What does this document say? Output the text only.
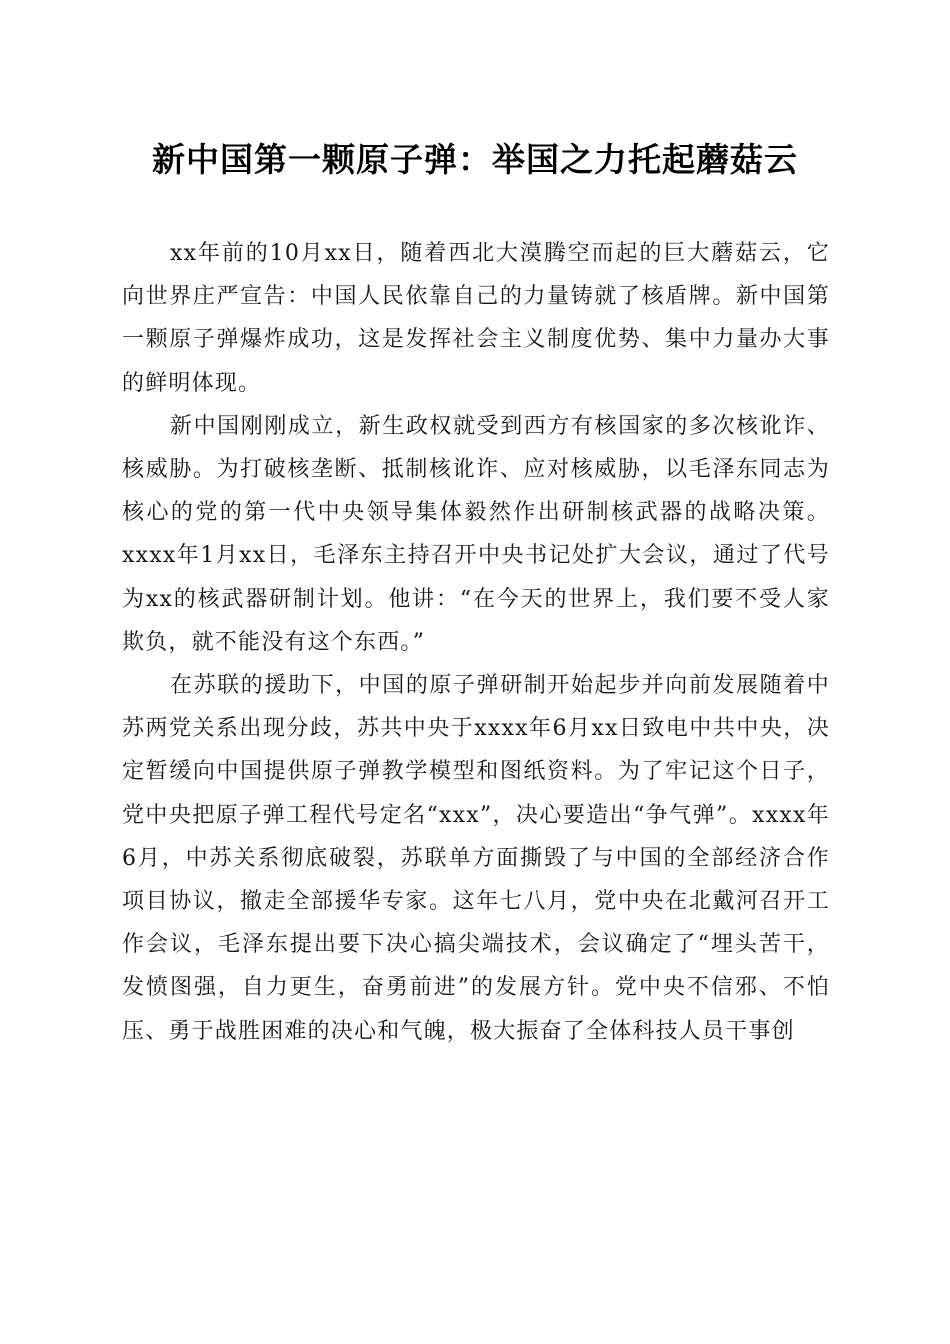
新中国第一颗原子弹：举国之力托起蘑菇云

xx年前的10月xx日，随着西北大漠腾空而起的巨大蘑菇云，它向世界庄严宣告：中国人民依靠自己的力量铸就了核盾牌。新中国第一颗原子弹爆炸成功，这是发挥社会主义制度优势、集中力量办大事的鲜明体现。

新中国刚刚成立，新生政权就受到西方有核国家的多次核讹诈、核威胁。为打破核垄断、抵制核讹诈、应对核威胁，以毛泽东同志为核心的党的第一代中央领导集体毅然作出研制核武器的战略决策。xxxx年1月xx日，毛泽东主持召开中央书记处扩大会议，通过了代号为xx的核武器研制计划。他讲：“在今天的世界上，我们要不受人家欺负，就不能没有这个东西。”

在苏联的援助下，中国的原子弹研制开始起步并向前发展随着中苏两党关系出现分歧，苏共中央于xxxx年6月xx日致电中共中央，决定暂缓向中国提供原子弹教学模型和图纸资料。为了牢记这个日子，党中央把原子弹工程代号定名“xxx”，决心要造出“争气弹”。xxxx年6月，中苏关系彻底破裂，苏联单方面撕毁了与中国的全部经济合作项目协议，撤走全部援华专家。这年七八月，党中央在北戴河召开工作会议，毛泽东提出要下决心搞尖端技术，会议确定了“埋头苦干，发愤图强，自力更生，奋勇前进”的发展方针。党中央不信邪、不怕压、勇于战胜困难的决心和气魄，极大振奋了全体科技人员干事创
